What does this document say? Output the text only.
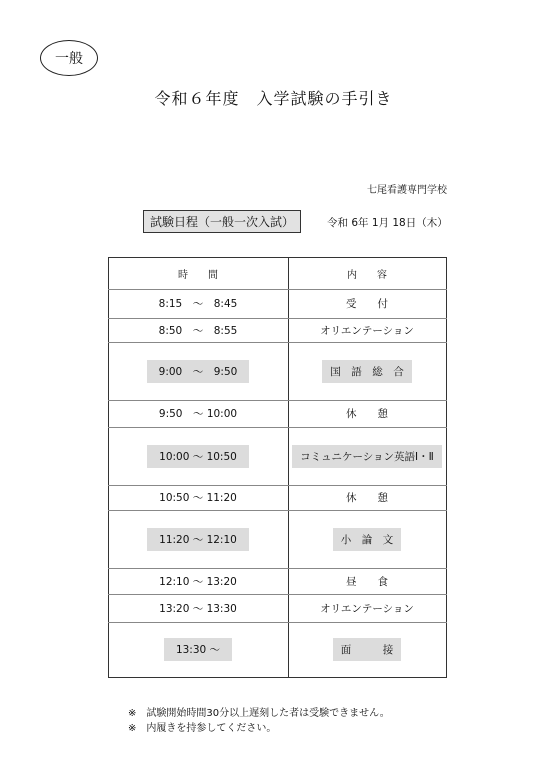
一般
令和６年度　入学試験の手引き
七尾看護専門学校
試験日程（一般一次入試）	令和 6年 1月 18日（木）
時　　間	内　　容
8:15　～　8:45	受　　付
8:50　～　8:55	オリエンテーション
9:00　～　9:50	国　語　総　合
9:50　～ 10:00	休　　憩
10:00 ～ 10:50	コミュニケーション英語Ⅰ・Ⅱ
10:50 ～ 11:20	休　　憩
11:20 ～ 12:10	小　論　文
12:10 ～ 13:20	昼　　食
13:20 ～ 13:30	オリエンテーション
13:30 ～	面　　　接
※　試験開始時間30分以上遅刻した者は受験できません。
※　内履きを持参してください。
